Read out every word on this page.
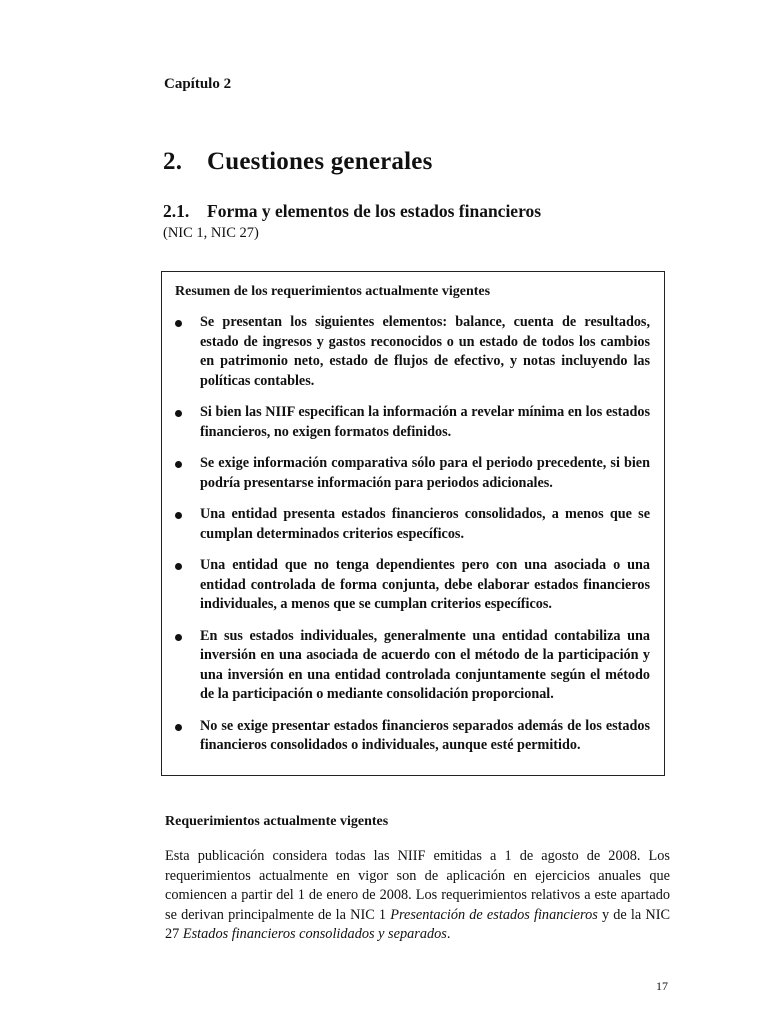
Capítulo 2
2. Cuestiones generales
2.1. Forma y elementos de los estados financieros
(NIC 1, NIC 27)
Resumen de los requerimientos actualmente vigentes
Se presentan los siguientes elementos: balance, cuenta de resultados, estado de ingresos y gastos reconocidos o un estado de todos los cambios en patrimonio neto, estado de flujos de efectivo, y notas incluyendo las políticas contables.
Si bien las NIIF especifican la información a revelar mínima en los estados financieros, no exigen formatos definidos.
Se exige información comparativa sólo para el periodo precedente, si bien podría presentarse información para periodos adicionales.
Una entidad presenta estados financieros consolidados, a menos que se cumplan determinados criterios específicos.
Una entidad que no tenga dependientes pero con una asociada o una entidad controlada de forma conjunta, debe elaborar estados financieros individuales, a menos que se cumplan criterios específicos.
En sus estados individuales, generalmente una entidad contabiliza una inversión en una asociada de acuerdo con el método de la participación y una inversión en una entidad controlada conjuntamente según el método de la participación o mediante consolidación proporcional.
No se exige presentar estados financieros separados además de los estados financieros consolidados o individuales, aunque esté permitido.
Requerimientos actualmente vigentes
Esta publicación considera todas las NIIF emitidas a 1 de agosto de 2008. Los requerimientos actualmente en vigor son de aplicación en ejercicios anuales que comiencen a partir del 1 de enero de 2008. Los requerimientos relativos a este apartado se derivan principalmente de la NIC 1 Presentación de estados financieros y de la NIC 27 Estados financieros consolidados y separados.
17
